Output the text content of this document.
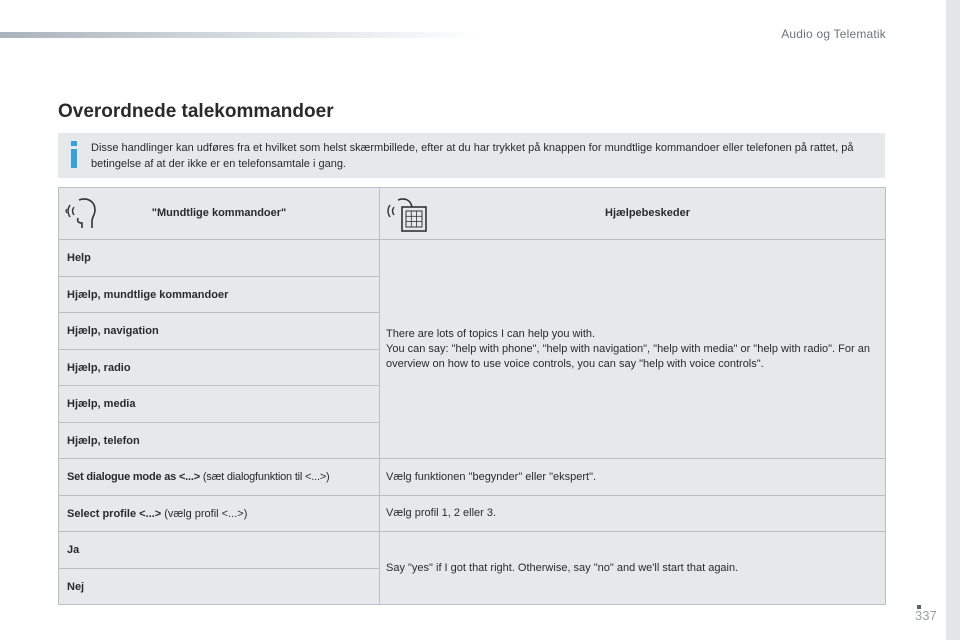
Audio og Telematik
Overordnede talekommandoer

Disse handlinger kan udføres fra et hvilket som helst skærmbillede, efter at du har trykket på knappen for mundtlige kommandoer eller telefonen på rattet, på betingelse af at der ikke er en telefonsamtale i gang.

"Mundtlige kommandoer"	Hjælpebeskeder

Help	There are lots of topics I can help you with.
You can say: "help with phone", "help with navigation", "help with media" or "help with radio". For an overview on how to use voice controls, you can say "help with voice controls".

Hjælp, mundtlige kommandoer	
Hjælp, navigation	
Hjælp, radio	
Hjælp, media	
Hjælp, telefon	
Set dialogue mode as <...> (sæt dialogfunktion til <...>)	Vælg funktionen "begynder" eller "ekspert".
Select profile <...> (vælg profil <...>)	Vælg profil 1, 2 eller 3.
Ja	Say "yes" if I got that right. Otherwise, say "no" and we'll start that again.
Nej	
337
